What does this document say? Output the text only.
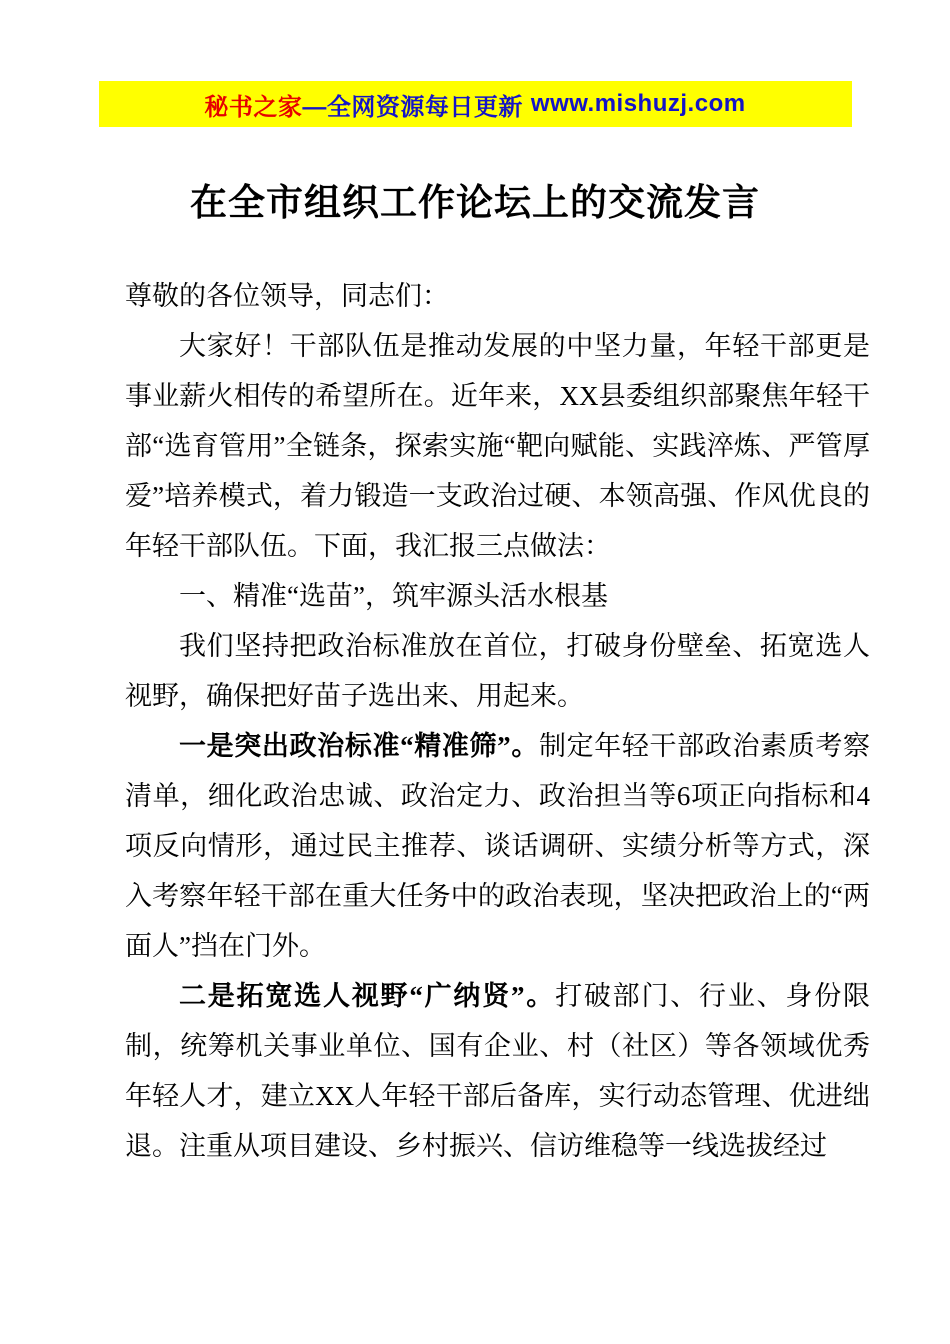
秘书之家 —全网资源每日更新 www.mishuzj.com
在全市组织工作论坛上的交流发言

尊敬的各位领导，同志们：

大家好！干部队伍是推动发展的中坚力量，年轻干部更是事业薪火相传的希望所在。近年来，XX县委组织部聚焦年轻干部“选育管用”全链条，探索实施“靶向赋能、实践淬炼、严管厚爱”培养模式，着力锻造一支政治过硬、本领高强、作风优良的年轻干部队伍。下面，我汇报三点做法：

一、精准“选苗”，筑牢源头活水根基

我们坚持把政治标准放在首位，打破身份壁垒、拓宽选人视野，确保把好苗子选出来、用起来。

一是突出政治标准“精准筛”。制定年轻干部政治素质考察清单，细化政治忠诚、政治定力、政治担当等6项正向指标和4项反向情形，通过民主推荐、谈话调研、实绩分析等方式，深入考察年轻干部在重大任务中的政治表现，坚决把政治上的“两面人”挡在门外。

二是拓宽选人视野“广纳贤”。打破部门、行业、身份限制，统筹机关事业单位、国有企业、村（社区）等各领域优秀年轻人才，建立XX人年轻干部后备库，实行动态管理、优进绌退。注重从项目建设、乡村振兴、信访维稳等一线选拔经过
